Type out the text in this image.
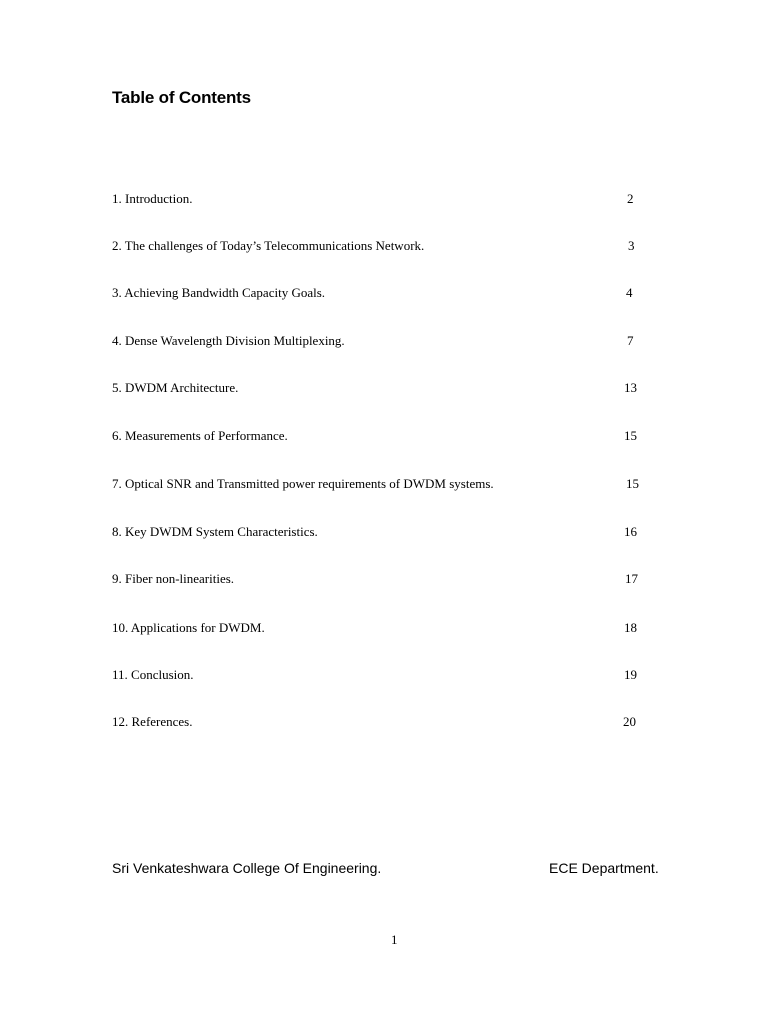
Table of Contents
1. Introduction.	2
2. The challenges of Today’s Telecommunications Network.	3
3. Achieving Bandwidth Capacity Goals.	4
4. Dense Wavelength Division Multiplexing.	7
5. DWDM Architecture.	13
6. Measurements of Performance.	15
7. Optical SNR and Transmitted power requirements of DWDM systems.	15
8. Key DWDM System Characteristics.	16
9. Fiber non-linearities.	17
10. Applications for DWDM.	18
11. Conclusion.	19
12. References.	20
Sri Venkateshwara College Of Engineering.	ECE Department.
1
